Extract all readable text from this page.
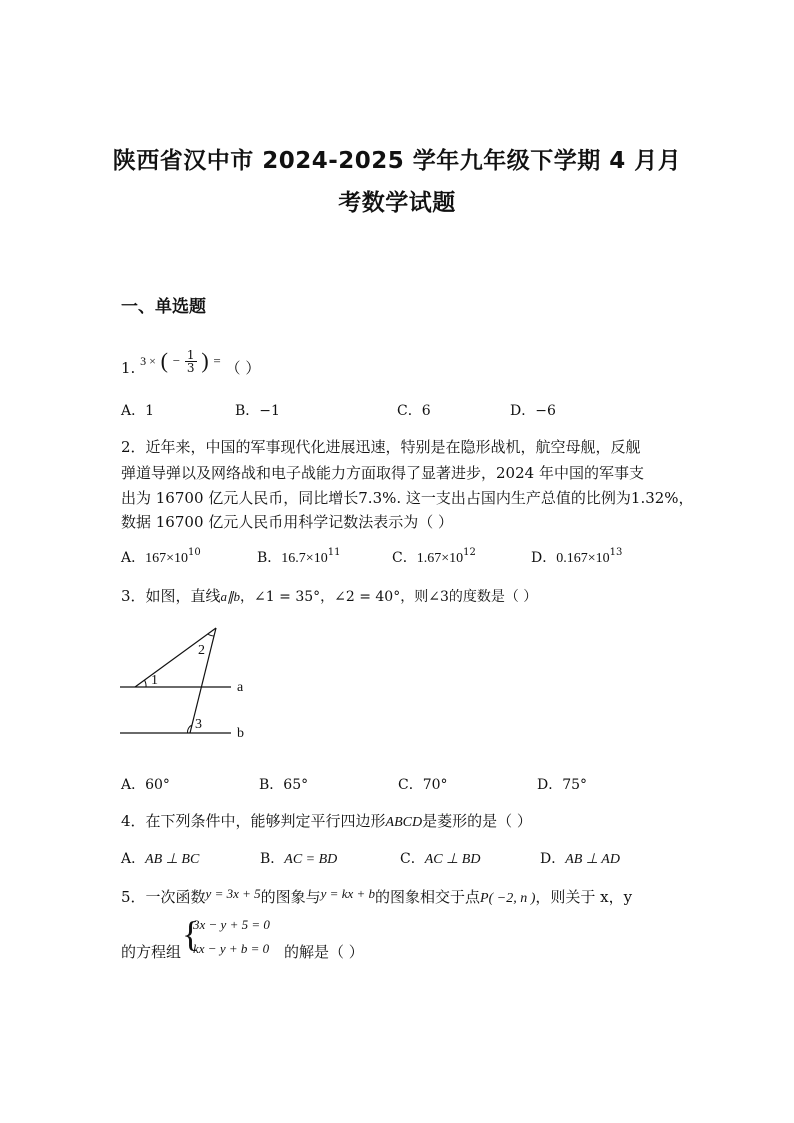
陕西省汉中市 2024-2025 学年九年级下学期 4 月月
考数学试题
一、单选题
1. 3 × ( − $\frac{1}{3}$ ) = （ ）
A．1	B．−1	C．6	D．−6
2．近年来，中国的军事现代化进展迅速，特别是在隐形战机，航空母舰，反舰
弹道导弹以及网络战和电子战能力方面取得了显著进步，2024 年中国的军事支
出为 16700 亿元人民币，同比增长7.3%. 这一支出占国内生产总值的比例为1.32%，
数据 16700 亿元人民币用科学记数法表示为（ ）
A．$167\times 10^{10}$	B．$16.7\times 10^{11}$	C．$1.67\times 10^{12}$	D．$0.167\times 10^{13}$
3．如图，直线a∥b，∠1 = 35°，∠2 = 40°，则∠3的度数是（ ）
a
b
1
2
3
A．60°	B．65°	C．70°	D．75°
4．在下列条件中，能够判定平行四边形ABCD是菱形的是（ ）
A．AB ⊥ BC	B．AC = BD	C．AC ⊥ BD	D．AB ⊥ AD
5．一次函数y = 3x + 5的图象与y = kx + b的图象相交于点P( −2, n )，则关于 x，y
的方程组 {
3x − y + 5 = 0
kx − y + b = 0 的解是（ ）
